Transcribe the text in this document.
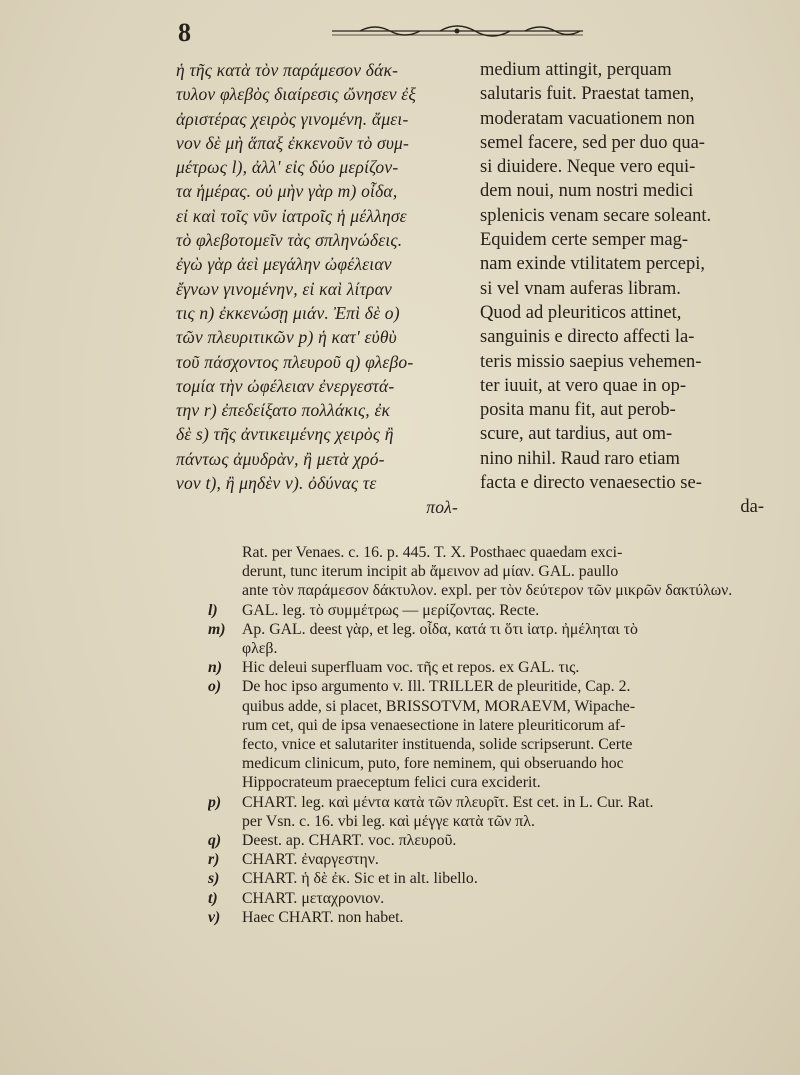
8
ἡ τῆς κατὰ τὸν παράμεσον δάκ-
τυλον φλεβὸς διαίρεσις ὤνησεν ἐξ
ἀριστέρας χειρὸς γινομένη. ἄμει-
νον δὲ μὴ ἅπαξ ἐκκενοῦν τὸ συμ-
μέτρως l), ἀλλ' εἰς δύο μερίζον-
τα ἡμέρας. οὐ μὴν γὰρ m) οἶδα,
εἰ καὶ τοῖς νῦν ἰατροῖς ἡ μέλλησε
τὸ φλεβοτομεῖν τὰς σπληνώδεις.
ἐγὼ γὰρ ἀεὶ μεγάλην ὠφέλειαν
ἔγνων γινομένην, εἰ καὶ λίτραν
τις n) ἐκκενώσῃ μιάν. Ἐπὶ δὲ o)
τῶν πλευριτικῶν p) ἡ κατ' εὐθὺ
τοῦ πάσχοντος πλευροῦ q) φλεβο-
τομία τὴν ὠφέλειαν ἐνεργεστά-
την r) ἐπεδείξατο πολλάκις, ἐκ
δὲ s) τῆς ἀντικειμένης χειρὸς ἢ
πάντως ἀμυδρὰν, ἢ μετὰ χρό-
νον t), ἢ μηδὲν v). ὀδύνας τε
πολ-
medium attingit, perquam
salutaris fuit. Praestat tamen,
moderatam vacuationem non
semel facere, sed per duo qua-
si diuidere. Neque vero equi-
dem noui, num nostri medici
splenicis venam secare soleant.
Equidem certe semper mag-
nam exinde vtilitatem percepi,
si vel vnam auferas libram.
Quod ad pleuriticos attinet,
sanguinis e directo affecti la-
teris missio saepius vehemen-
ter iuuit, at vero quae in op-
posita manu fit, aut perob-
scure, aut tardius, aut om-
nino nihil. Raud raro etiam
facta e directo venaesectio se-
da-
Rat. per Venaes. c. 16. p. 445. T. X. Posthaec quaedam exci-
derunt, tunc iterum incipit ab ἄμεινον ad μίαν. GAL. paullo
ante τὸν παράμεσον δάκτυλον. expl. per τὸν δεύτερον τῶν μικρῶν δακτύλων.
l) GAL. leg. τὸ συμμέτρως — μερίζοντας. Recte.
m) Ap. GAL. deest γὰρ, et leg. οἶδα, κατά τι ὅτι ἰατρ. ἠμέληται τὸ
φλεβ.
n) Hic deleui superfluam voc. τῆς et repos. ex GAL. τις.
o) De hoc ipso argumento v. Ill. TRILLER de pleuritide, Cap. 2.
quibus adde, si placet, BRISSOTVM, MORAEVM, Wipache-
rum cet, qui de ipsa venaesectione in latere pleuriticorum af-
fecto, vnice et salutariter instituenda, solide scripserunt. Certe
medicum clinicum, puto, fore neminem, qui obseruando hoc
Hippocrateum praeceptum felici cura exciderit.
p) CHART. leg. καὶ μέντα κατὰ τῶν πλευρῖτ. Est cet. in L. Cur. Rat.
per Vsn. c. 16. vbi leg. καὶ μέγγε κατὰ τῶν πλ.
q) Deest. ap. CHART. voc. πλευροῦ.
r) CHART. ἐναργεστην.
s) CHART. ἡ δὲ ἐκ. Sic et in alt. libello.
t) CHART. μεταχρονιον.
v) Haec CHART. non habet.
